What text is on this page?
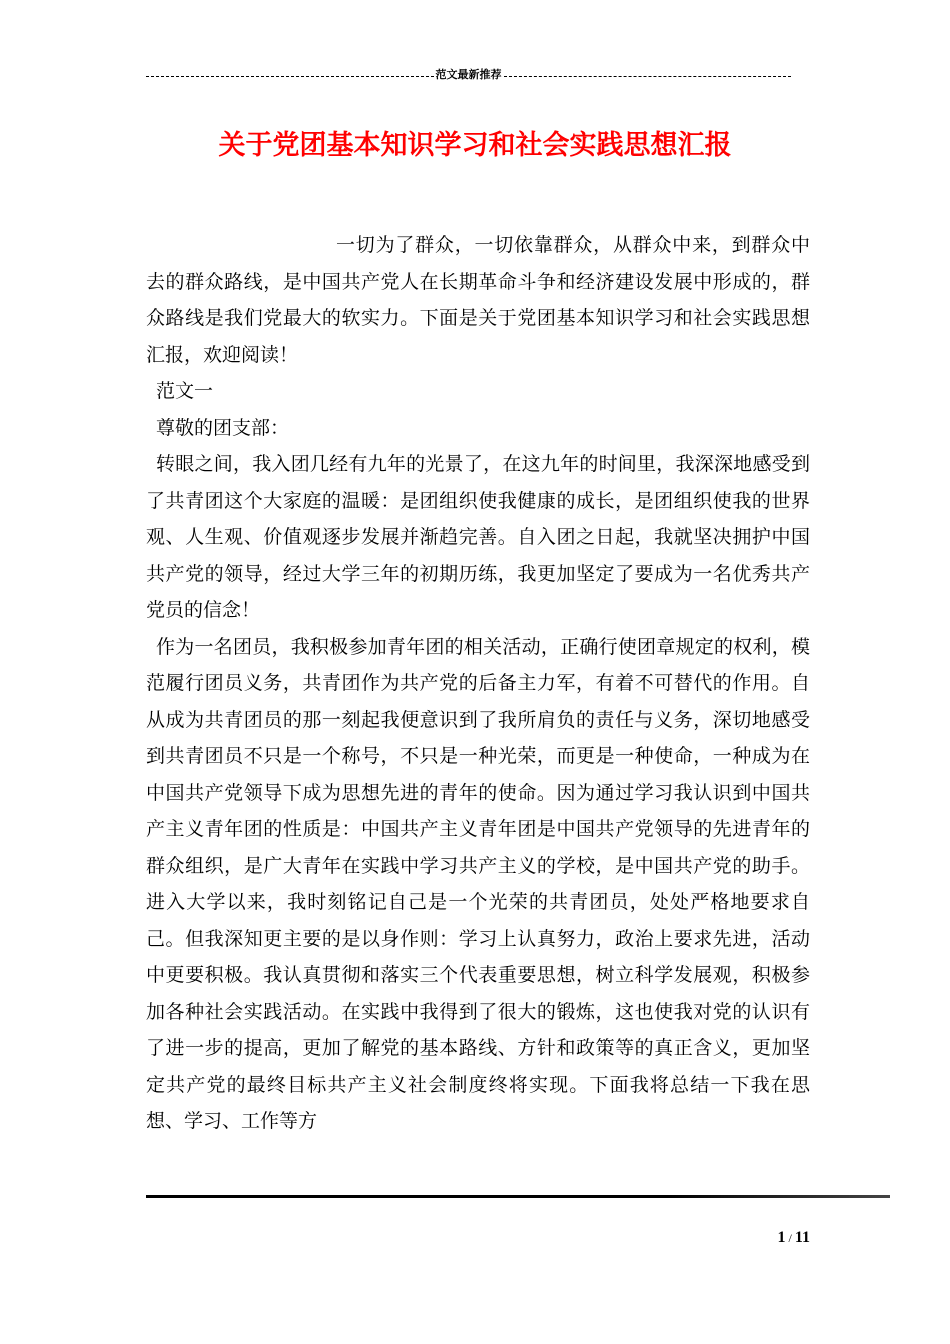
范文最新推荐
关于党团基本知识学习和社会实践思想汇报

一切为了群众，一切依靠群众，从群众中来，到群众中去的群众路线，是中国共产党人在长期革命斗争和经济建设发展中形成的，群众路线是我们党最大的软实力。下面是关于党团基本知识学习和社会实践思想汇报，欢迎阅读！

范文一

尊敬的团支部：

转眼之间，我入团几经有九年的光景了，在这九年的时间里，我深深地感受到了共青团这个大家庭的温暖：是团组织使我健康的成长，是团组织使我的世界观、人生观、价值观逐步发展并渐趋完善。自入团之日起，我就坚决拥护中国共产党的领导，经过大学三年的初期历练，我更加坚定了要成为一名优秀共产党员的信念！

作为一名团员，我积极参加青年团的相关活动，正确行使团章规定的权利，模范履行团员义务，共青团作为共产党的后备主力军，有着不可替代的作用。自从成为共青团员的那一刻起我便意识到了我所肩负的责任与义务，深切地感受到共青团员不只是一个称号，不只是一种光荣，而更是一种使命，一种成为在中国共产党领导下成为思想先进的青年的使命。因为通过学习我认识到中国共产主义青年团的性质是：中国共产主义青年团是中国共产党领导的先进青年的群众组织，是广大青年在实践中学习共产主义的学校，是中国共产党的助手。进入大学以来，我时刻铭记自己是一个光荣的共青团员，处处严格地要求自己。但我深知更主要的是以身作则：学习上认真努力，政治上要求先进，活动中更要积极。我认真贯彻和落实三个代表重要思想，树立科学发展观，积极参加各种社会实践活动。在实践中我得到了很大的锻炼，这也使我对党的认识有了进一步的提高，更加了解党的基本路线、方针和政策等的真正含义，更加坚定共产党的最终目标共产主义社会制度终将实现。下面我将总结一下我在思想、学习、工作等方

1 / 11
